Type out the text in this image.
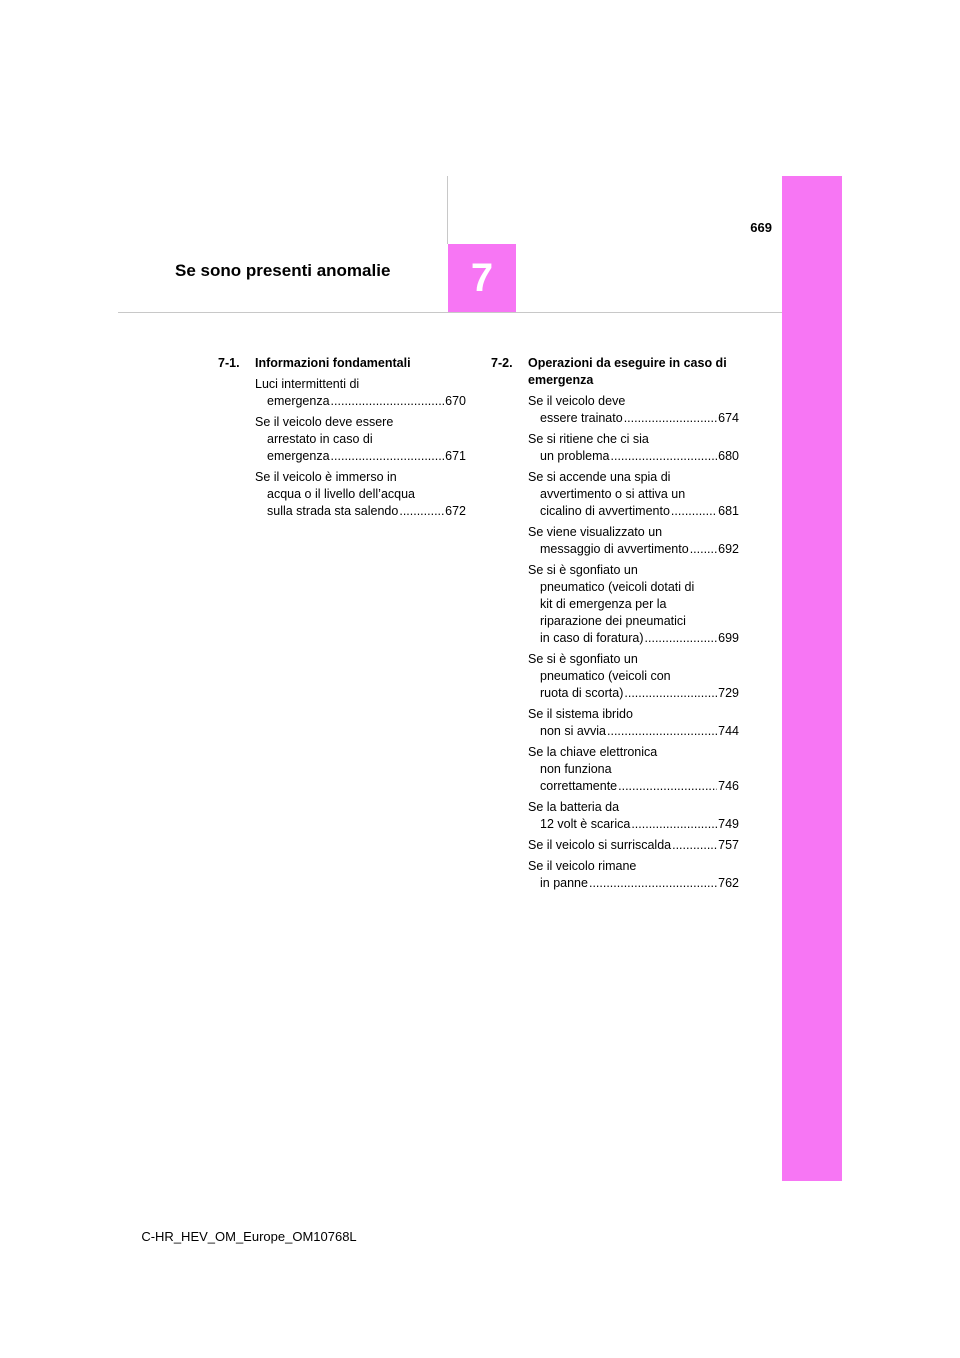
7
Se sono presenti anomalie
669
7-1.	Informazioni fondamentali
Luci intermittenti di
emergenza .....	670
Se il veicolo deve essere
arrestato in caso di
emergenza .....	671
Se il veicolo è immerso in
acqua o il livello dell’acqua
sulla strada sta salendo .....	672
7-2.	Operazioni da eseguire in caso di emergenza
Se il veicolo deve
essere trainato .....	674
Se si ritiene che ci sia
un problema .....	680
Se si accende una spia di
avvertimento o si attiva un
cicalino di avvertimento .....	681
Se viene visualizzato un
messaggio di avvertimento ..... 692
Se si è sgonfiato un
pneumatico (veicoli dotati di
kit di emergenza per la
riparazione dei pneumatici
in caso di foratura) .....	699
Se si è sgonfiato un
pneumatico (veicoli con
ruota di scorta) .....	729
Se il sistema ibrido
non si avvia .....	744
Se la chiave elettronica
non funziona
correttamente .....	746
Se la batteria da
12 volt è scarica .....	749
Se il veicolo si surriscalda .....	757
Se il veicolo rimane
in panne .....	762
C-HR_HEV_OM_Europe_OM10768L
